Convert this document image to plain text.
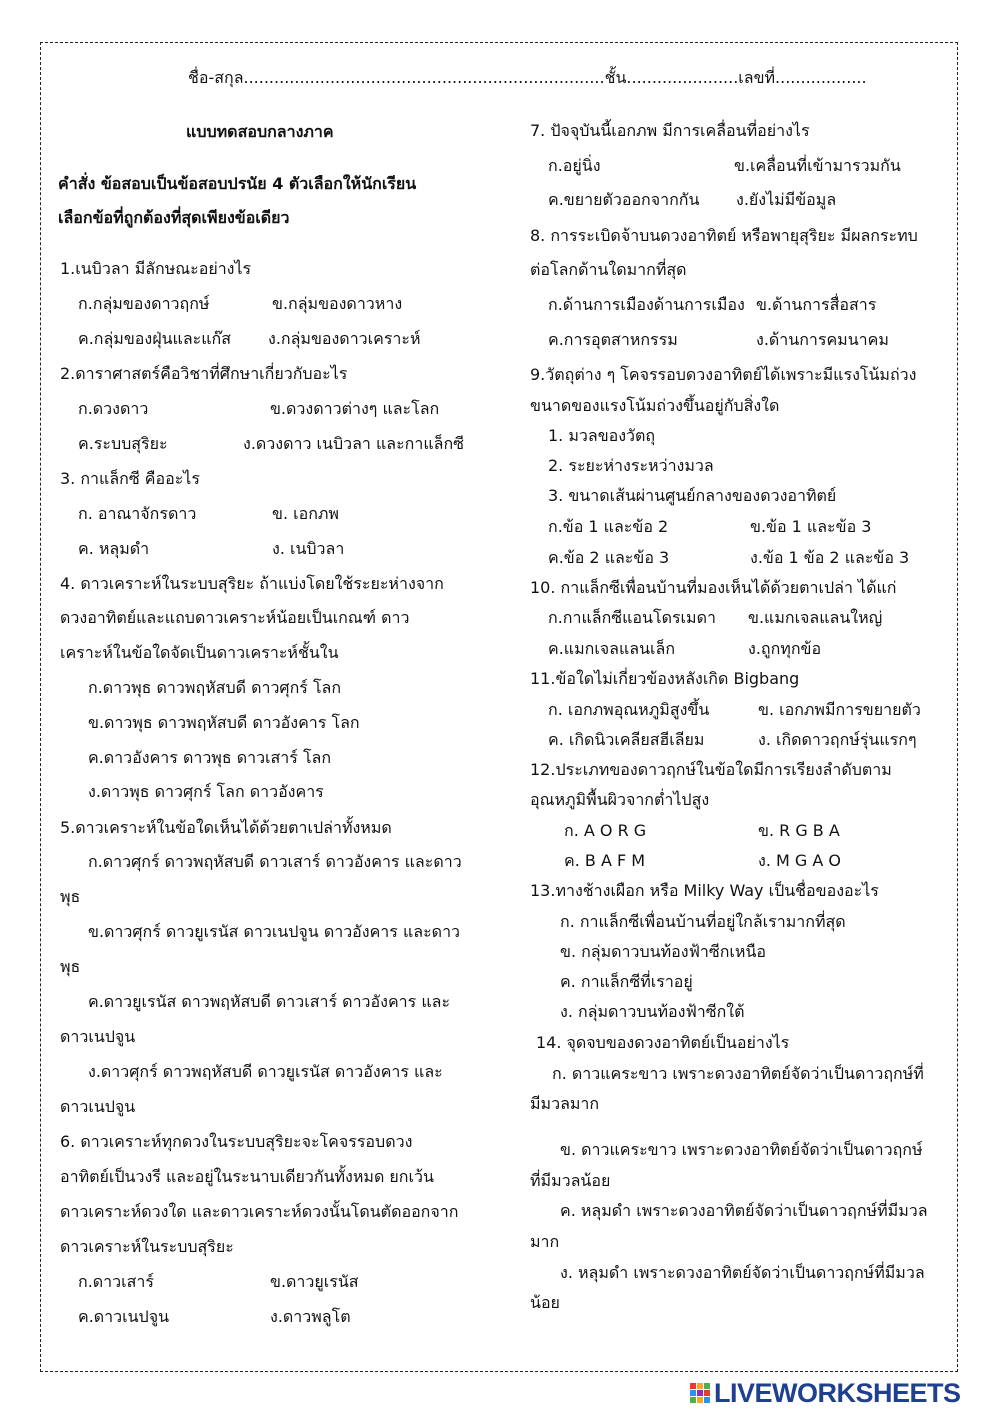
ชื่อ-สกุล.......................................................................ชั้น......................เลขที่..................
แบบทดสอบกลางภาค
คำสั่ง ข้อสอบเป็นข้อสอบปรนัย 4 ตัวเลือกให้นักเรียน
เลือกข้อที่ถูกต้องที่สุดเพียงข้อเดียว
1.เนบิวลา มีลักษณะอย่างไร
ก.กลุ่มของดาวฤกษ์	ข.กลุ่มของดาวหาง
ค.กลุ่มของฝุ่นและแก๊ส ง.กลุ่มของดาวเคราะห์
2.ดาราศาสตร์คือวิชาที่ศึกษาเกี่ยวกับอะไร
ก.ดวงดาว	ข.ดวงดาวต่างๆ และโลก
ค.ระบบสุริยะ	ง.ดวงดาว เนบิวลา และกาแล็กซี
3. กาแล็กซี คืออะไร
ก. อาณาจักรดาว	ข. เอกภพ
ค. หลุมดำ	ง. เนบิวลา
4. ดาวเคราะห์ในระบบสุริยะ ถ้าแบ่งโดยใช้ระยะห่างจาก
ดวงอาทิตย์และแถบดาวเคราะห์น้อยเป็นเกณฑ์ ดาว
เคราะห์ในข้อใดจัดเป็นดาวเคราะห์ชั้นใน
ก.ดาวพุธ ดาวพฤหัสบดี ดาวศุกร์ โลก
ข.ดาวพุธ ดาวพฤหัสบดี ดาวอังคาร โลก
ค.ดาวอังคาร ดาวพุธ ดาวเสาร์ โลก
ง.ดาวพุธ ดาวศุกร์ โลก ดาวอังคาร
5.ดาวเคราะห์ในข้อใดเห็นได้ด้วยตาเปล่าทั้งหมด
ก.ดาวศุกร์ ดาวพฤหัสบดี ดาวเสาร์ ดาวอังคาร และดาว
พุธ
ข.ดาวศุกร์ ดาวยูเรนัส ดาวเนปจูน ดาวอังคาร และดาว
พุธ
ค.ดาวยูเรนัส ดาวพฤหัสบดี ดาวเสาร์ ดาวอังคาร และ
ดาวเนปจูน
ง.ดาวศุกร์ ดาวพฤหัสบดี ดาวยูเรนัส ดาวอังคาร และ
ดาวเนปจูน
6. ดาวเคราะห์ทุกดวงในระบบสุริยะจะโคจรรอบดวง
อาทิตย์เป็นวงรี และอยู่ในระนาบเดียวกันทั้งหมด ยกเว้น
ดาวเคราะห์ดวงใด และดาวเคราะห์ดวงนั้นโดนตัดออกจาก
ดาวเคราะห์ในระบบสุริยะ
ก.ดาวเสาร์	ข.ดาวยูเรนัส
ค.ดาวเนปจูน	ง.ดาวพลูโต
7. ปัจจุบันนี้เอกภพ มีการเคลื่อนที่อย่างไร
ก.อยู่นิ่ง	ข.เคลื่อนที่เข้ามารวมกัน
ค.ขยายตัวออกจากกัน ง.ยังไม่มีข้อมูล
8. การระเบิดจ้าบนดวงอาทิตย์ หรือพายุสุริยะ มีผลกระทบ
ต่อโลกด้านใดมากที่สุด
ก.ด้านการเมืองด้านการเมือง ข.ด้านการสื่อสาร
ค.การอุตสาหกรรม	ง.ด้านการคมนาคม
9.วัตถุต่าง ๆ โคจรรอบดวงอาทิตย์ได้เพราะมีแรงโน้มถ่วง
ขนาดของแรงโน้มถ่วงขึ้นอยู่กับสิ่งใด
1. มวลของวัตถุ
2. ระยะห่างระหว่างมวล
3. ขนาดเส้นผ่านศูนย์กลางของดวงอาทิตย์
ก.ข้อ 1 และข้อ 2	ข.ข้อ 1 และข้อ 3
ค.ข้อ 2 และข้อ 3	ง.ข้อ 1 ข้อ 2 และข้อ 3
10. กาแล็กซีเพื่อนบ้านที่มองเห็นได้ด้วยตาเปล่า ได้แก่
ก.กาแล็กซีแอนโดรเมดา ข.แมกเจลแลนใหญ่
ค.แมกเจลแลนเล็ก	ง.ถูกทุกข้อ
11.ข้อใดไม่เกี่ยวข้องหลังเกิด Bigbang
ก. เอกภพอุณหภูมิสูงขึ้น	ข. เอกภพมีการขยายตัว
ค. เกิดนิวเคลียสฮีเลียม	ง. เกิดดาวฤกษ์รุ่นแรกๆ
12.ประเภทของดาวฤกษ์ในข้อใดมีการเรียงลำดับตาม
อุณหภูมิพื้นผิวจากต่ำไปสูง
ก. A O R G	ข. R G B A
ค. B A F M	ง. M G A O
13.ทางช้างเผือก หรือ Milky Way เป็นชื่อของอะไร
ก. กาแล็กซีเพื่อนบ้านที่อยู่ใกล้เรามากที่สุด
ข. กลุ่มดาวบนท้องฟ้าซีกเหนือ
ค. กาแล็กซีที่เราอยู่
ง. กลุ่มดาวบนท้องฟ้าซีกใต้
14. จุดจบของดวงอาทิตย์เป็นอย่างไร
ก. ดาวแคระขาว เพราะดวงอาทิตย์จัดว่าเป็นดาวฤกษ์ที่
มีมวลมาก
ข. ดาวแคระขาว เพราะดวงอาทิตย์จัดว่าเป็นดาวฤกษ์
ที่มีมวลน้อย
ค. หลุมดำ เพราะดวงอาทิตย์จัดว่าเป็นดาวฤกษ์ที่มีมวล
มาก
ง. หลุมดำ เพราะดวงอาทิตย์จัดว่าเป็นดาวฤกษ์ที่มีมวล
น้อย
LIVEWORKSHEETS
